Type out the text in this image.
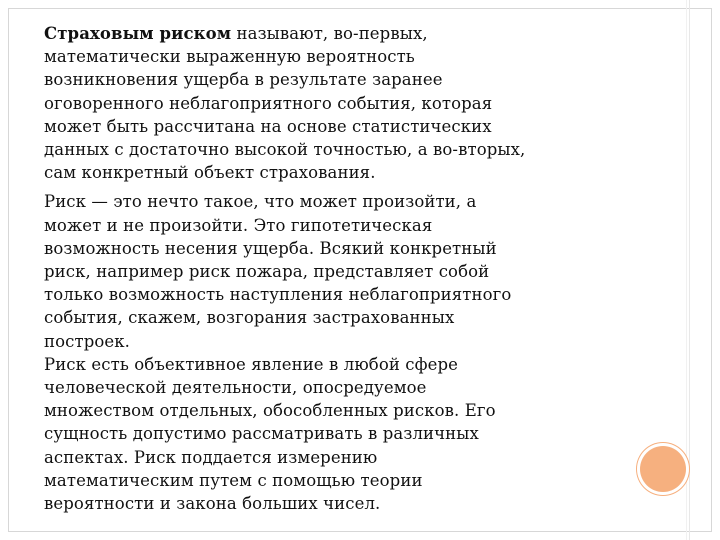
Страховым риском называют, во-первых,
математически выраженную вероятность
возникновения ущерба в результате заранее
оговоренного неблагоприятного события, которая
может быть рассчитана на основе статистических
данных с достаточно высокой точностью, а во-вторых,
сам конкретный объект страхования.

Риск — это нечто такое, что может произойти, а
может и не произойти. Это гипотетическая
возможность несения ущерба. Всякий конкретный
риск, например риск пожара, представляет собой
только возможность наступления неблагоприятного
события, скажем, возгорания застрахованных
построек.

Риск есть объективное явление в любой сфере
человеческой деятельности, опосредуемое
множеством отдельных, обособленных рисков. Его
сущность допустимо рассматривать в различных
аспектах. Риск поддается измерению
математическим путем с помощью теории
вероятности и закона больших чисел.
